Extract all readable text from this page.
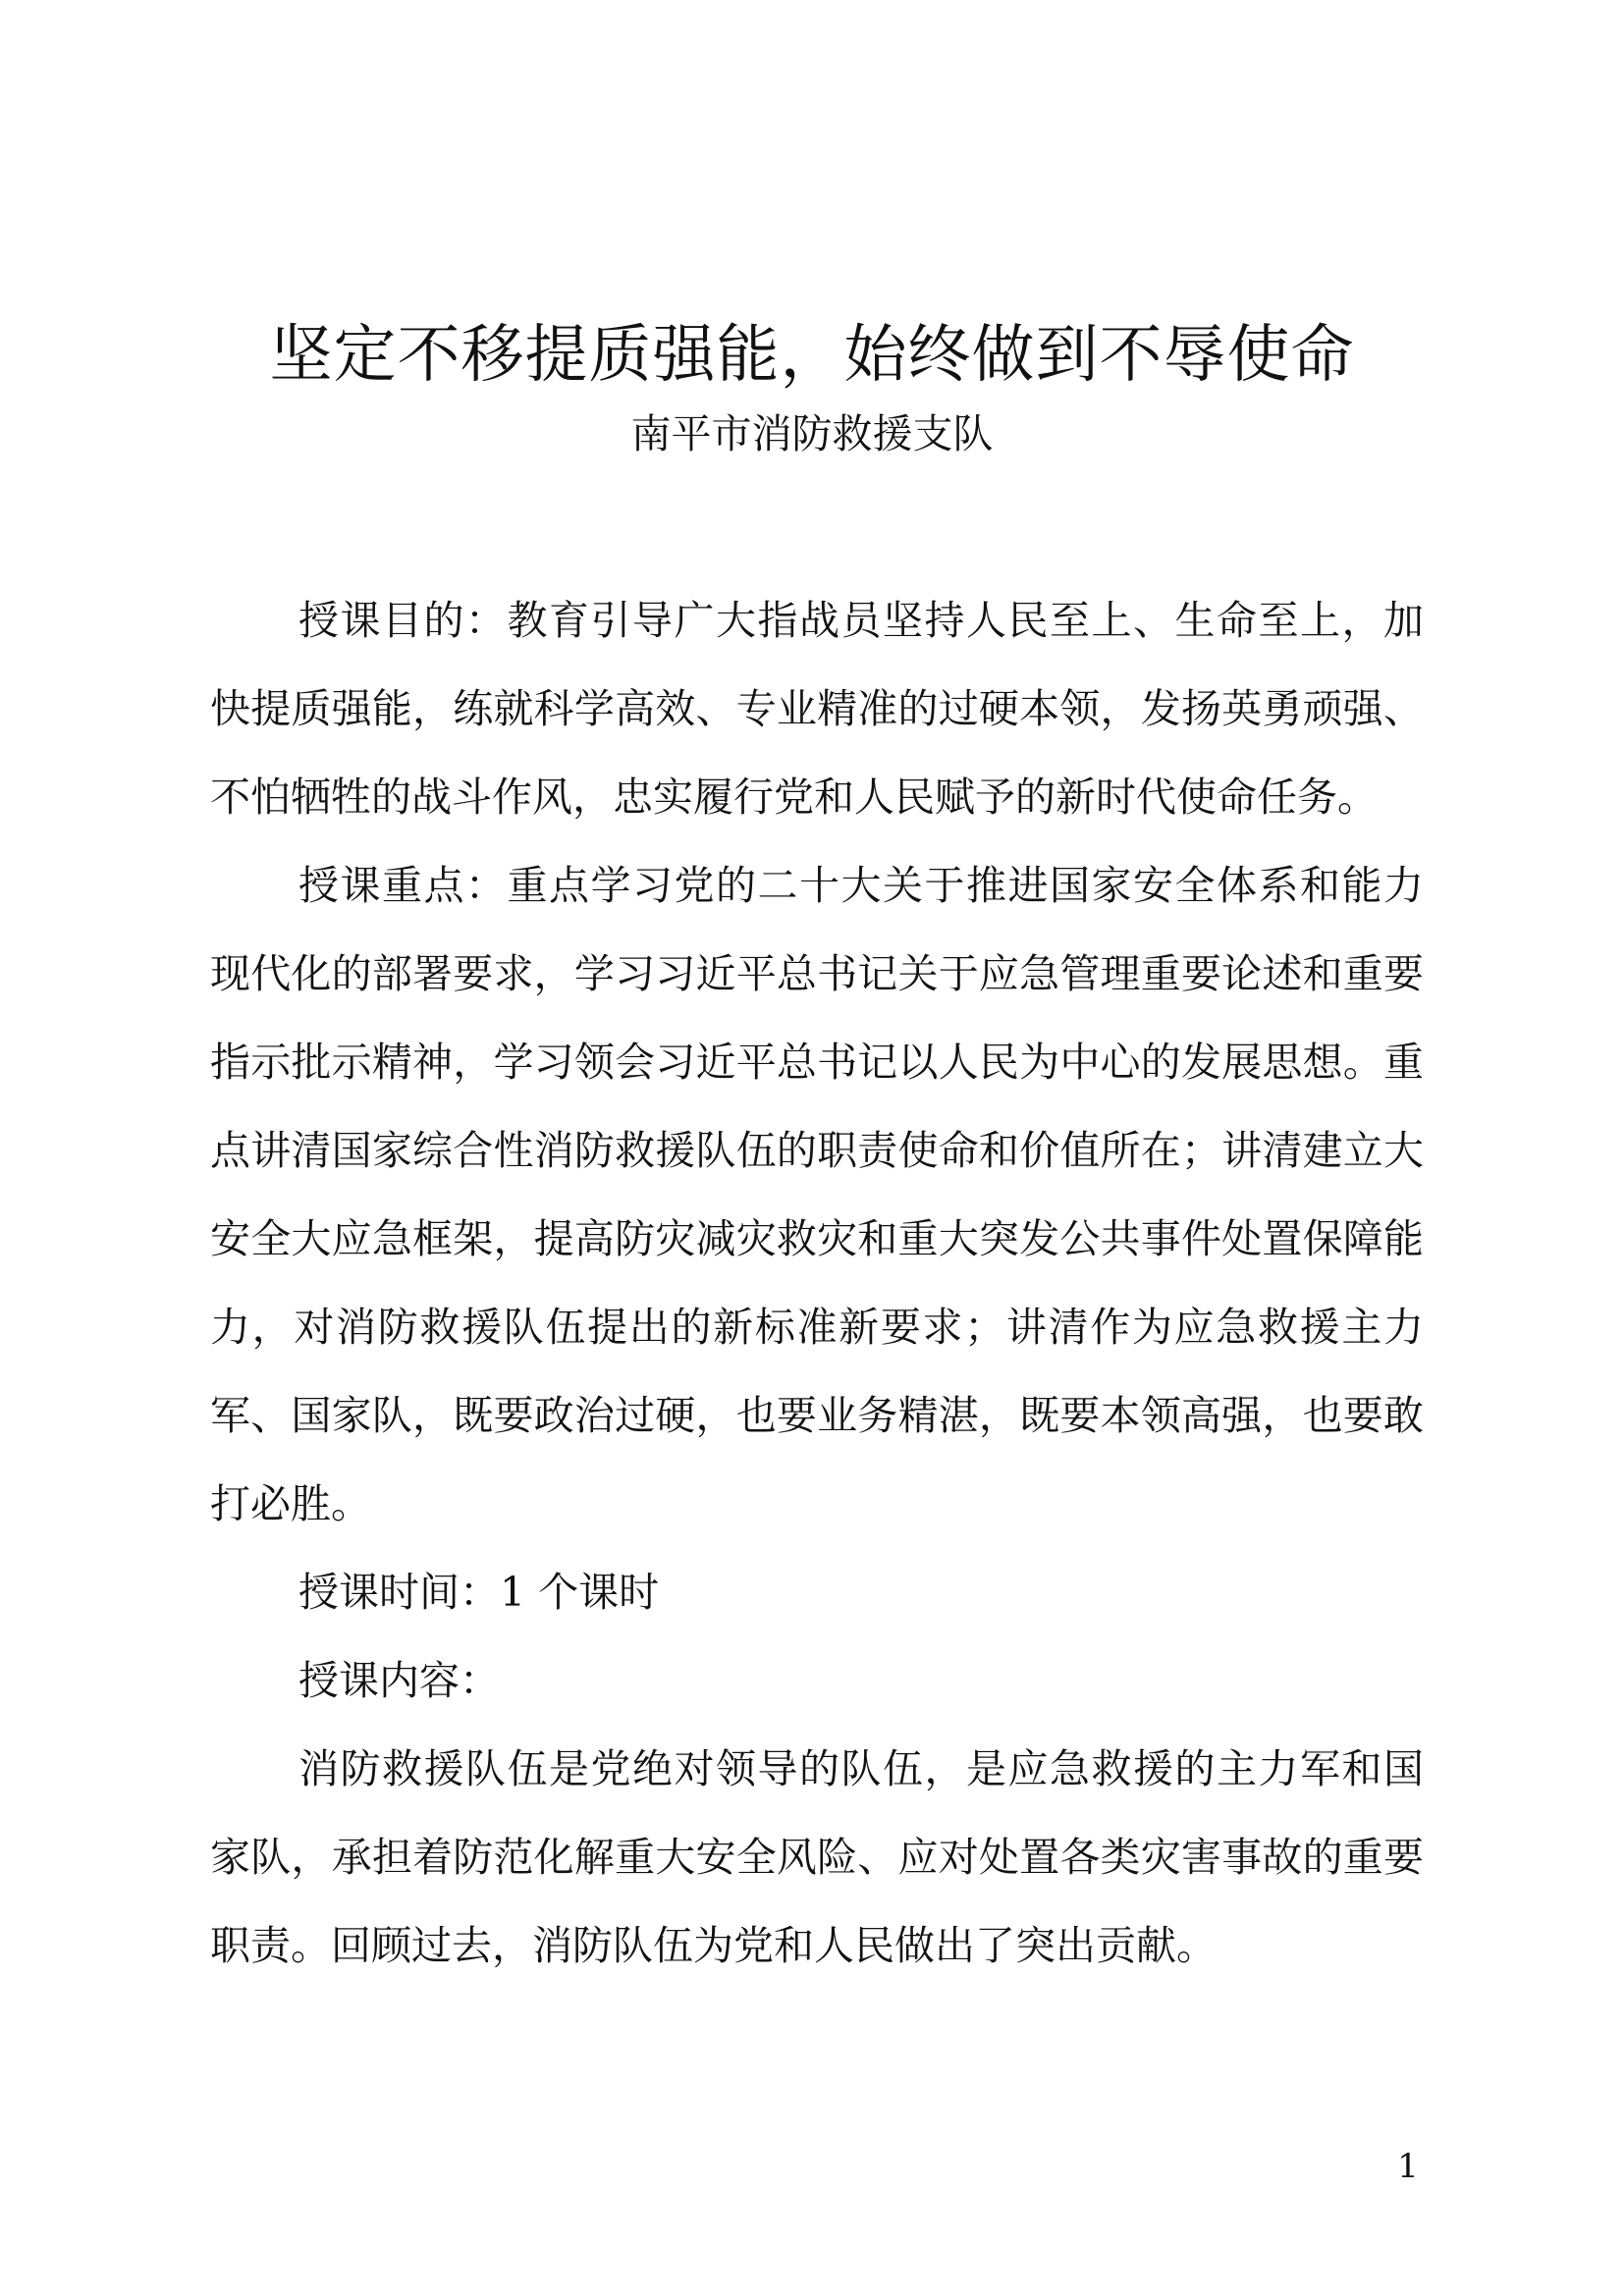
坚定不移提质强能，始终做到不辱使命
南平市消防救援支队

授课目的：教育引导广大指战员坚持人民至上、生命至上，加快提质强能，练就科学高效、专业精准的过硬本领，发扬英勇顽强、不怕牺牲的战斗作风，忠实履行党和人民赋予的新时代使命任务。

授课重点：重点学习党的二十大关于推进国家安全体系和能力现代化的部署要求，学习习近平总书记关于应急管理重要论述和重要指示批示精神，学习领会习近平总书记以人民为中心的发展思想。重点讲清国家综合性消防救援队伍的职责使命和价值所在；讲清建立大安全大应急框架，提高防灾减灾救灾和重大突发公共事件处置保障能力，对消防救援队伍提出的新标准新要求；讲清作为应急救援主力军、国家队，既要政治过硬，也要业务精湛，既要本领高强，也要敢打必胜。

授课时间：1 个课时

授课内容：

消防救援队伍是党绝对领导的队伍，是应急救援的主力军和国家队，承担着防范化解重大安全风险、应对处置各类灾害事故的重要职责。回顾过去，消防队伍为党和人民做出了突出贡献。

1
